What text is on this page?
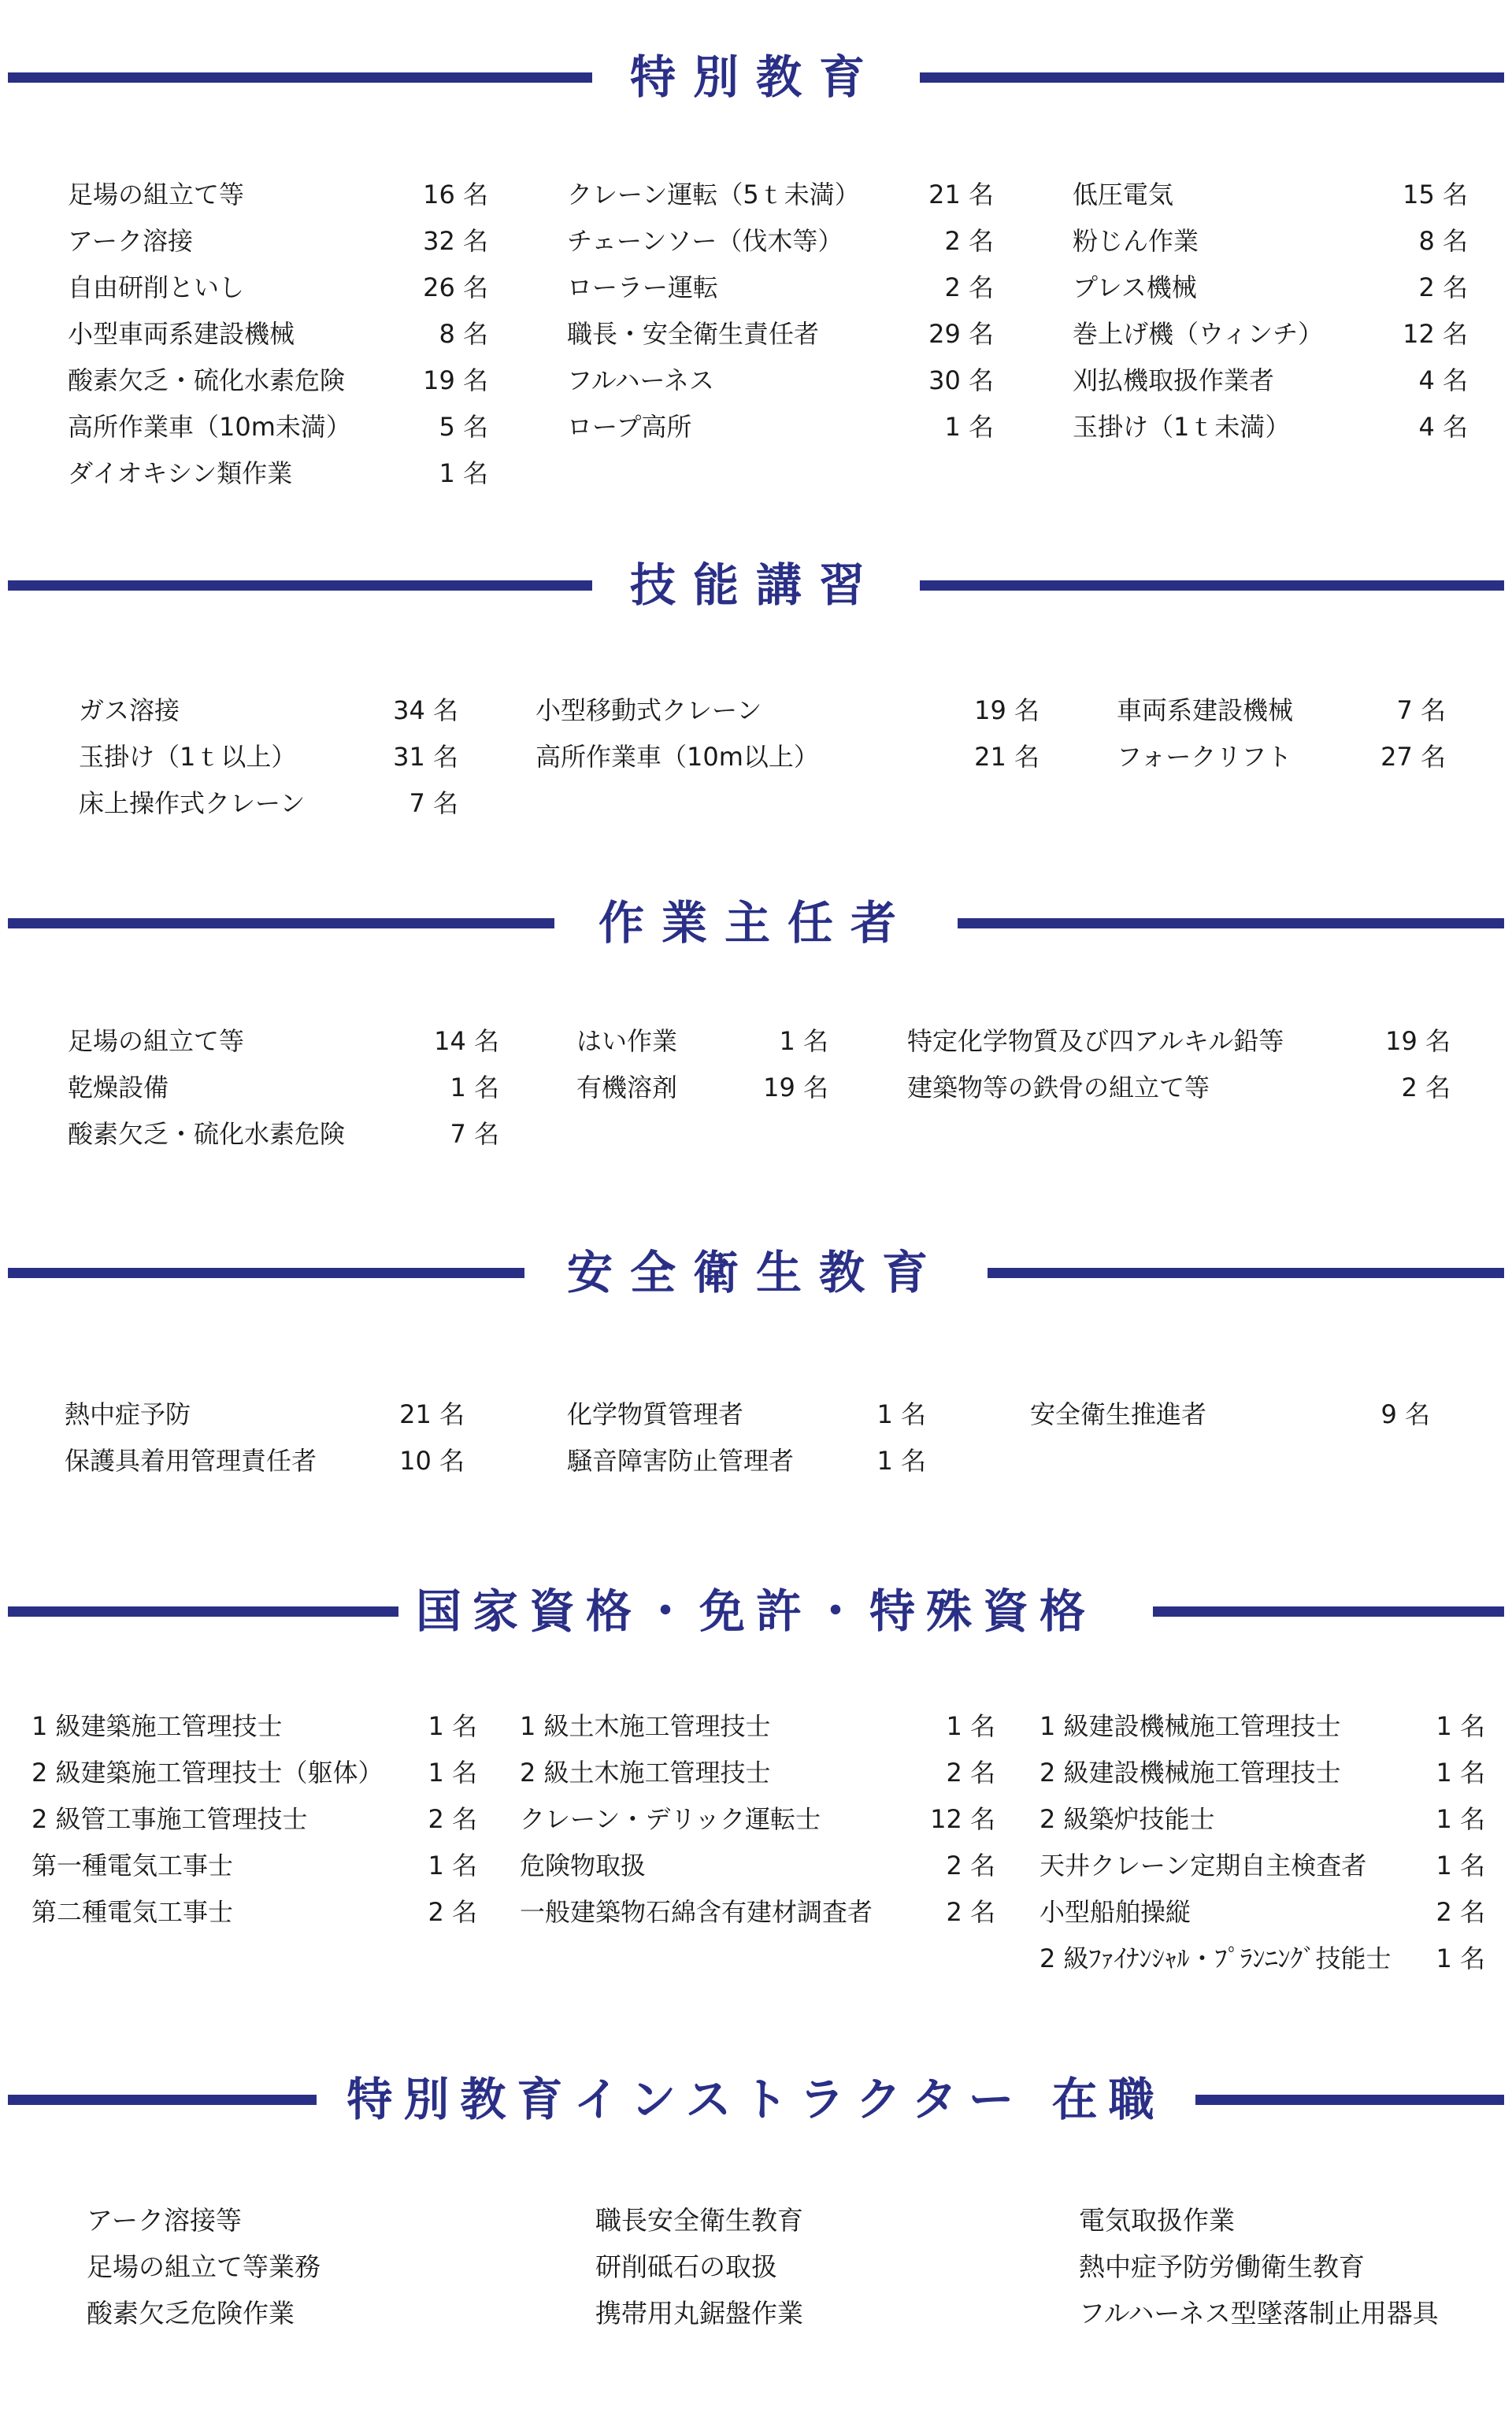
特別教育
足場の組立て等	16 名
アーク溶接	32 名
自由研削といし	26 名
小型車両系建設機械	8 名
酸素欠乏・硫化水素危険	19 名
高所作業車（10m未満）	5 名
ダイオキシン類作業	1 名
クレーン運転（5ｔ未満）	21 名
チェーンソー（伐木等）	2 名
ローラー運転	2 名
職長・安全衛生責任者	29 名
フルハーネス	30 名
ロープ高所	1 名
低圧電気	15 名
粉じん作業	8 名
プレス機械	2 名
巻上げ機（ウィンチ）	12 名
刈払機取扱作業者	4 名
玉掛け（1ｔ未満）	4 名
技能講習
ガス溶接	34 名
玉掛け（1ｔ以上）	31 名
床上操作式クレーン	7 名
小型移動式クレーン	19 名
高所作業車（10m以上）	21 名
車両系建設機械	7 名
フォークリフト	27 名
作業主任者
足場の組立て等	14 名
乾燥設備	1 名
酸素欠乏・硫化水素危険	7 名
はい作業	1 名
有機溶剤	19 名
特定化学物質及び四アルキル鉛等	19 名
建築物等の鉄骨の組立て等	2 名
安全衛生教育
熱中症予防	21 名
保護具着用管理責任者	10 名
化学物質管理者	1 名
騒音障害防止管理者	1 名
安全衛生推進者	9 名
国家資格・免許・特殊資格
1 級建築施工管理技士	1 名
2 級建築施工管理技士（躯体） 1 名
2 級管工事施工管理技士	2 名
第一種電気工事士	1 名
第二種電気工事士	2 名
1 級土木施工管理技士	1 名
2 級土木施工管理技士	2 名
クレーン・デリック運転士	12 名
危険物取扱	2 名
一般建築物石綿含有建材調査者	2 名
1 級建設機械施工管理技士	1 名
2 級建設機械施工管理技士	1 名
2 級築炉技能士	1 名
天井クレーン定期自主検査者	1 名
小型船舶操縦	2 名
2 級ﾌｧｲﾅﾝｼｬﾙ・ﾌﾟﾗﾝﾆﾝｸﾞ技能士 1 名
特別教育インストラクター 在職
アーク溶接等
足場の組立て等業務
酸素欠乏危険作業
職長安全衛生教育
研削砥石の取扱
携帯用丸鋸盤作業
電気取扱作業
熱中症予防労働衛生教育
フルハーネス型墜落制止用器具
